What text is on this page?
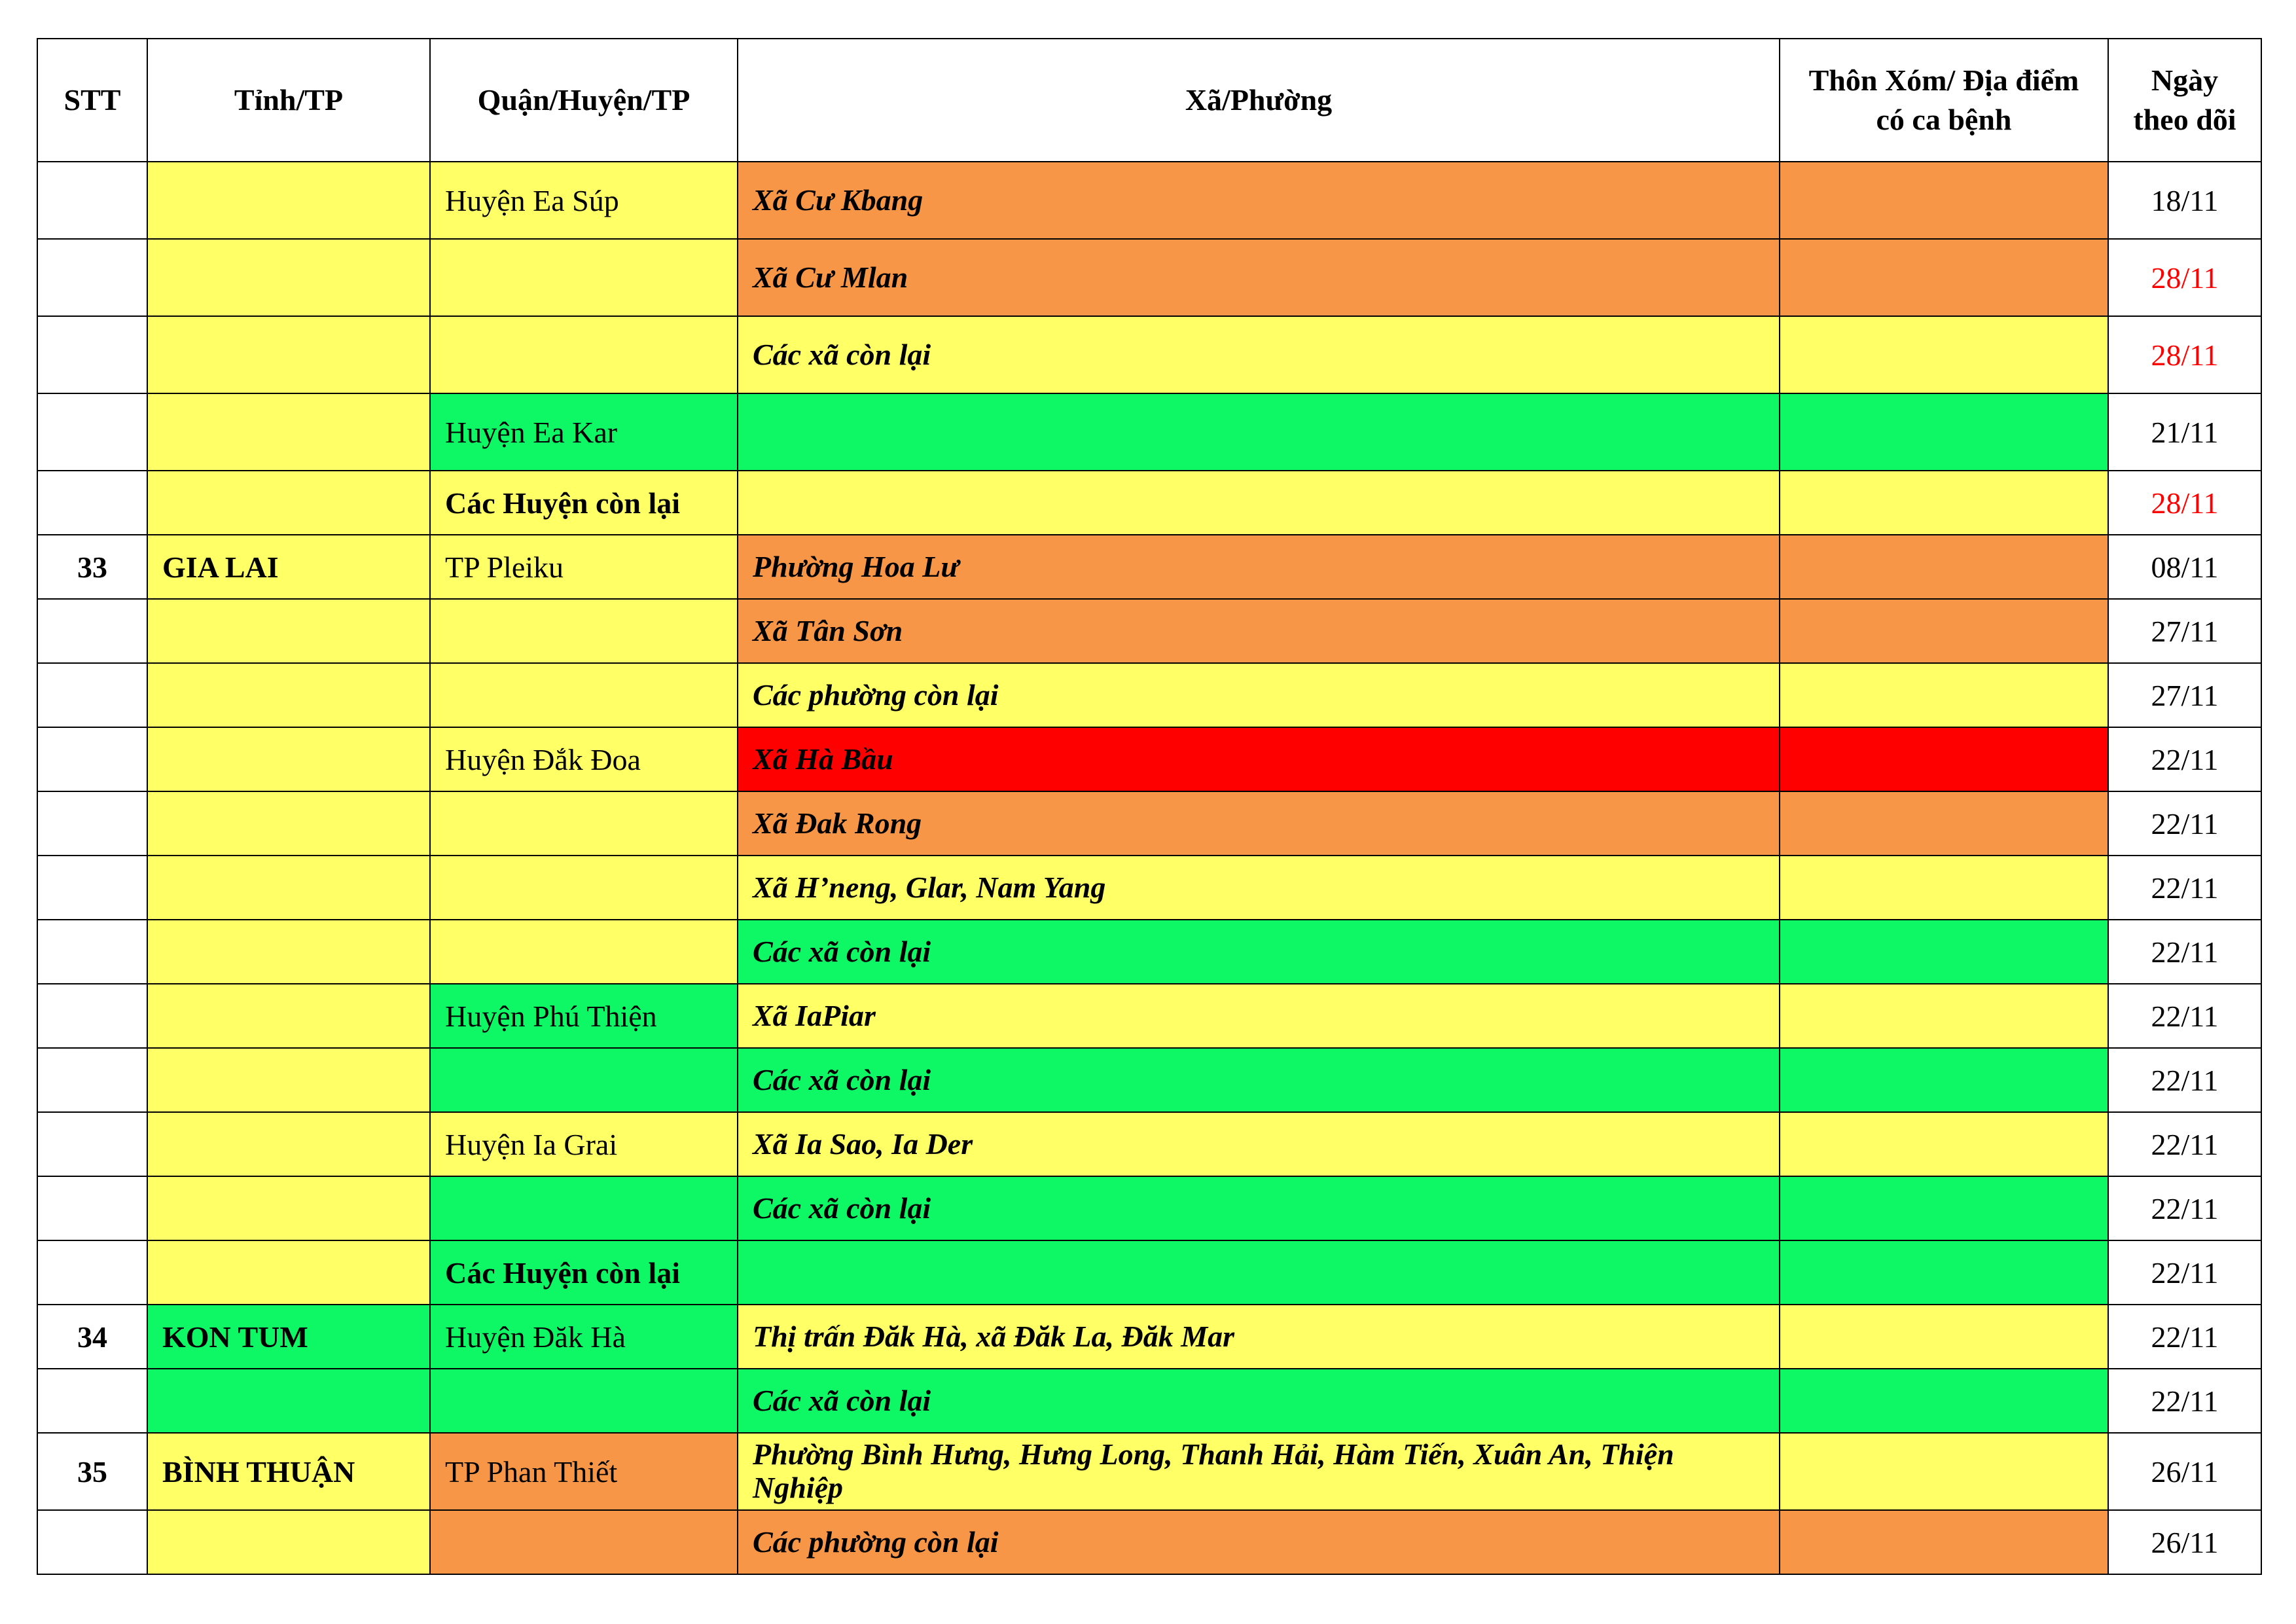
STT	Tỉnh/TP	Quận/Huyện/TP	Xã/Phường	Thôn Xóm/ Địa điểm có ca bệnh	Ngày theo dõi
		Huyện Ea Súp	Xã Cư Kbang		18/11
			Xã Cư Mlan		28/11
			Các xã còn lại		28/11
		Huyện Ea Kar			21/11
		Các Huyện còn lại			28/11
33	GIA LAI	TP Pleiku	Phường Hoa Lư		08/11
			Xã Tân Sơn		27/11
			Các phường còn lại		27/11
		Huyện Đắk Đoa	Xã Hà Bầu		22/11
			Xã Đak Rong		22/11
			Xã H’neng, Glar, Nam Yang		22/11
			Các xã còn lại		22/11
		Huyện Phú Thiện	Xã IaPiar		22/11
			Các xã còn lại		22/11
		Huyện Ia Grai	Xã Ia Sao, Ia Der		22/11
			Các xã còn lại		22/11
		Các Huyện còn lại			22/11
34	KON TUM	Huyện Đăk Hà	Thị trấn Đăk Hà, xã Đăk La, Đăk Mar		22/11
			Các xã còn lại		22/11
35	BÌNH THUẬN	TP Phan Thiết	Phường Bình Hưng, Hưng Long, Thanh Hải, Hàm Tiến, Xuân An, Thiện Nghiệp		26/11
			Các phường còn lại		26/11
